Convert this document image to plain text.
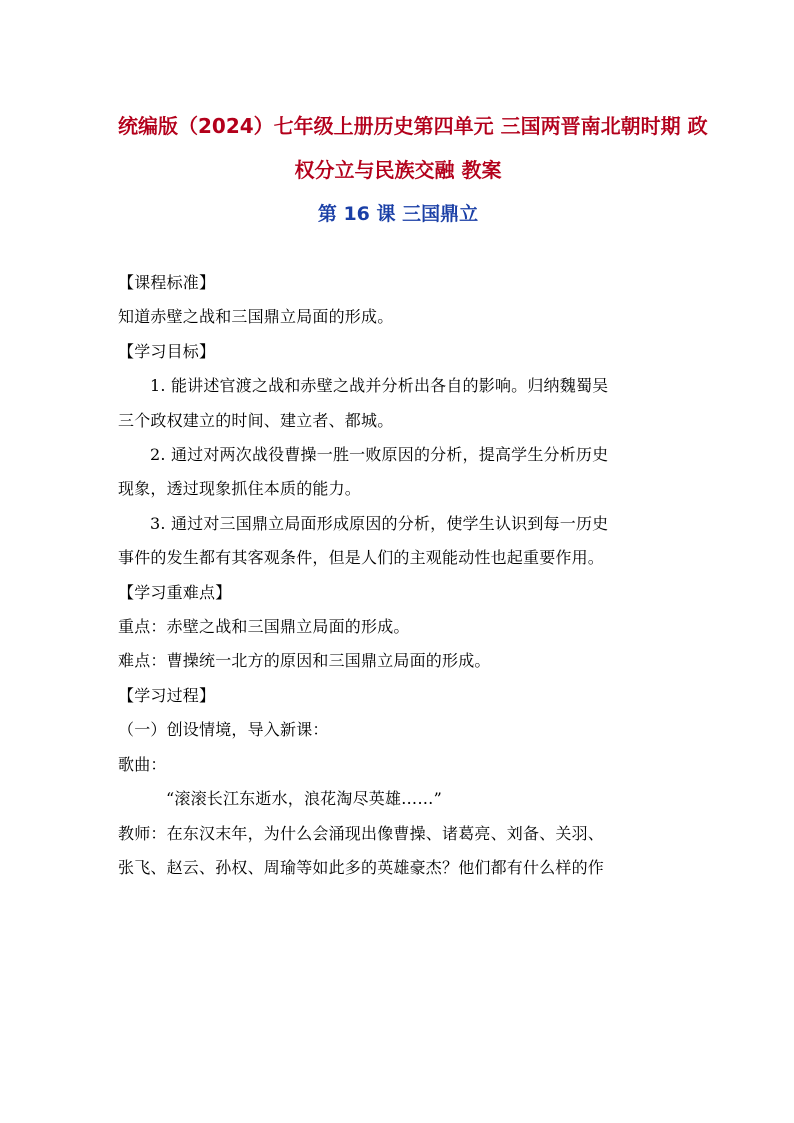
统编版（2024）七年级上册历史第四单元 三国两晋南北朝时期 政
权分立与民族交融 教案
第 16 课 三国鼎立
【课程标准】
知道赤壁之战和三国鼎立局面的形成。
【学习目标】
1. 能讲述官渡之战和赤壁之战并分析出各自的影响。归纳魏蜀吴
三个政权建立的时间、建立者、都城。
2. 通过对两次战役曹操一胜一败原因的分析，提高学生分析历史
现象，透过现象抓住本质的能力。
3. 通过对三国鼎立局面形成原因的分析，使学生认识到每一历史
事件的发生都有其客观条件，但是人们的主观能动性也起重要作用。
【学习重难点】
重点：赤壁之战和三国鼎立局面的形成。
难点：曹操统一北方的原因和三国鼎立局面的形成。
【学习过程】
（一）创设情境，导入新课：
歌曲：
“滚滚长江东逝水，浪花淘尽英雄……”
教师：在东汉末年，为什么会涌现出像曹操、诸葛亮、刘备、关羽、
张飞、赵云、孙权、周瑜等如此多的英雄豪杰？他们都有什么样的作
